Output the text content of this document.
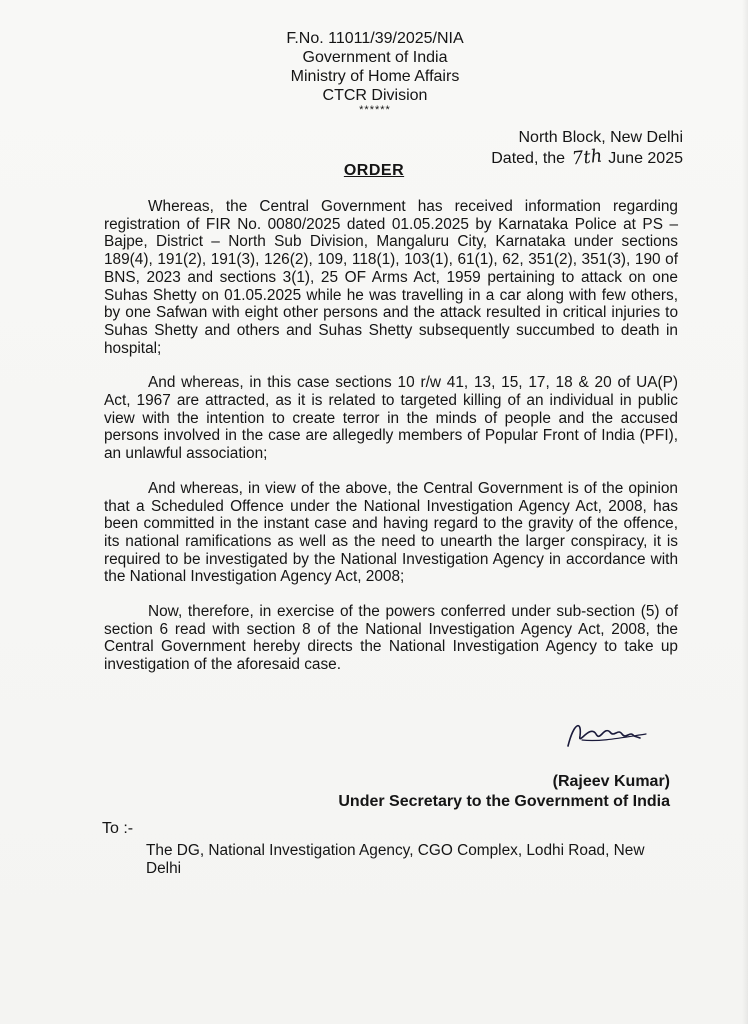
F.No. 11011/39/2025/NIA
Government of India
Ministry of Home Affairs
CTCR Division
******
North Block, New Delhi
Dated, the 7th June 2025
ORDER

Whereas, the Central Government has received information regarding registration of FIR No. 0080/2025 dated 01.05.2025 by Karnataka Police at PS – Bajpe, District – North Sub Division, Mangaluru City, Karnataka under sections 189(4), 191(2), 191(3), 126(2), 109, 118(1), 103(1), 61(1), 62, 351(2), 351(3), 190 of BNS, 2023 and sections 3(1), 25 OF Arms Act, 1959 pertaining to attack on one Suhas Shetty on 01.05.2025 while he was travelling in a car along with few others, by one Safwan with eight other persons and the attack resulted in critical injuries to Suhas Shetty and others and Suhas Shetty subsequently succumbed to death in hospital;

And whereas, in this case sections 10 r/w 41, 13, 15, 17, 18 & 20 of UA(P) Act, 1967 are attracted, as it is related to targeted killing of an individual in public view with the intention to create terror in the minds of people and the accused persons involved in the case are allegedly members of Popular Front of India (PFI), an unlawful association;

And whereas, in view of the above, the Central Government is of the opinion that a Scheduled Offence under the National Investigation Agency Act, 2008, has been committed in the instant case and having regard to the gravity of the offence, its national ramifications as well as the need to unearth the larger conspiracy, it is required to be investigated by the National Investigation Agency in accordance with the National Investigation Agency Act, 2008;

Now, therefore, in exercise of the powers conferred under sub-section (5) of section 6 read with section 8 of the National Investigation Agency Act, 2008, the Central Government hereby directs the National Investigation Agency to take up investigation of the aforesaid case.

(Rajeev Kumar)
Under Secretary to the Government of India
To :-
The DG, National Investigation Agency, CGO Complex, Lodhi Road, New Delhi
